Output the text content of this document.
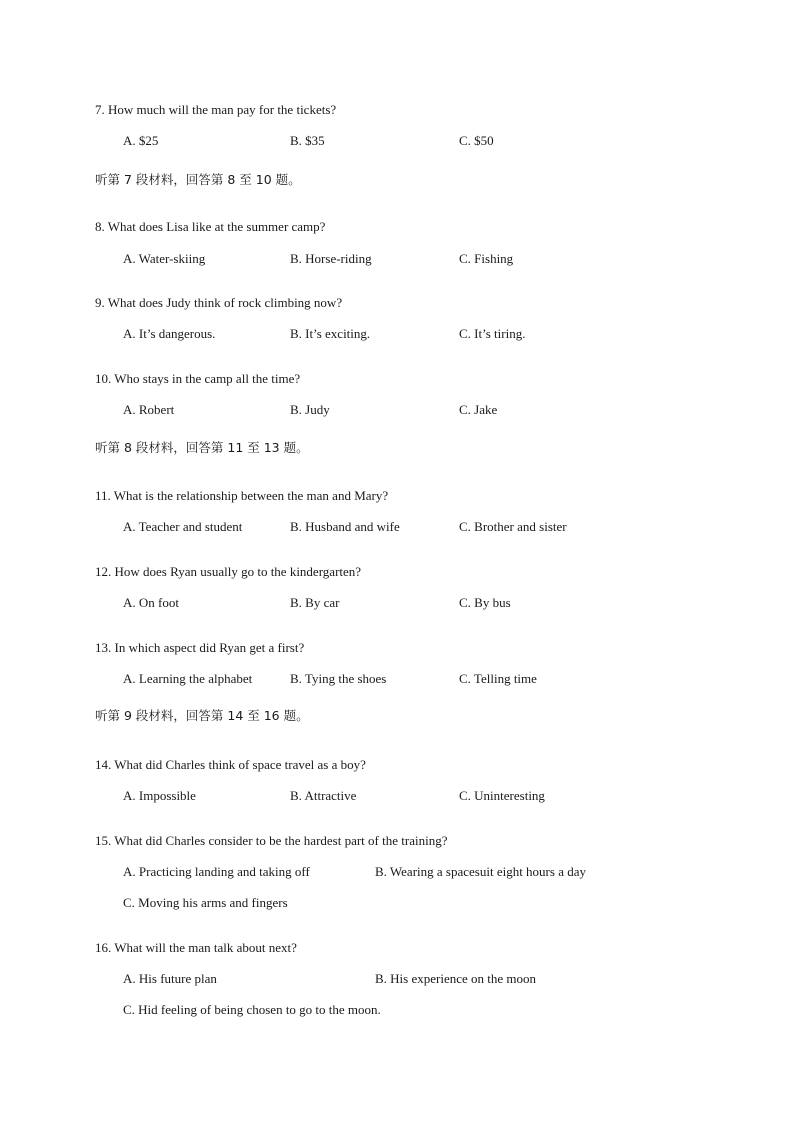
7. How much will the man pay for the tickets?
A. $25	B. $35	C. $50
听第 7 段材料，回答第 8 至 10 题。
8. What does Lisa like at the summer camp?
A. Water-skiing	B. Horse-riding	C. Fishing
9. What does Judy think of rock climbing now?
A. It’s dangerous.	B. It’s exciting.	C. It’s tiring.
10. Who stays in the camp all the time?
A. Robert	B. Judy	C. Jake
听第 8 段材料，回答第 11 至 13 题。
11. What is the relationship between the man and Mary?
A. Teacher and student	B. Husband and wife	C. Brother and sister
12. How does Ryan usually go to the kindergarten?
A. On foot	B. By car	C. By bus
13. In which aspect did Ryan get a first?
A. Learning the alphabet	B. Tying the shoes	C. Telling time
听第 9 段材料，回答第 14 至 16 题。
14. What did Charles think of space travel as a boy?
A. Impossible	B. Attractive	C. Uninteresting
15. What did Charles consider to be the hardest part of the training?
A. Practicing landing and taking off	B. Wearing a spacesuit eight hours a day
C. Moving his arms and fingers
16. What will the man talk about next?
A. His future plan	B. His experience on the moon
C. Hid feeling of being chosen to go to the moon.
